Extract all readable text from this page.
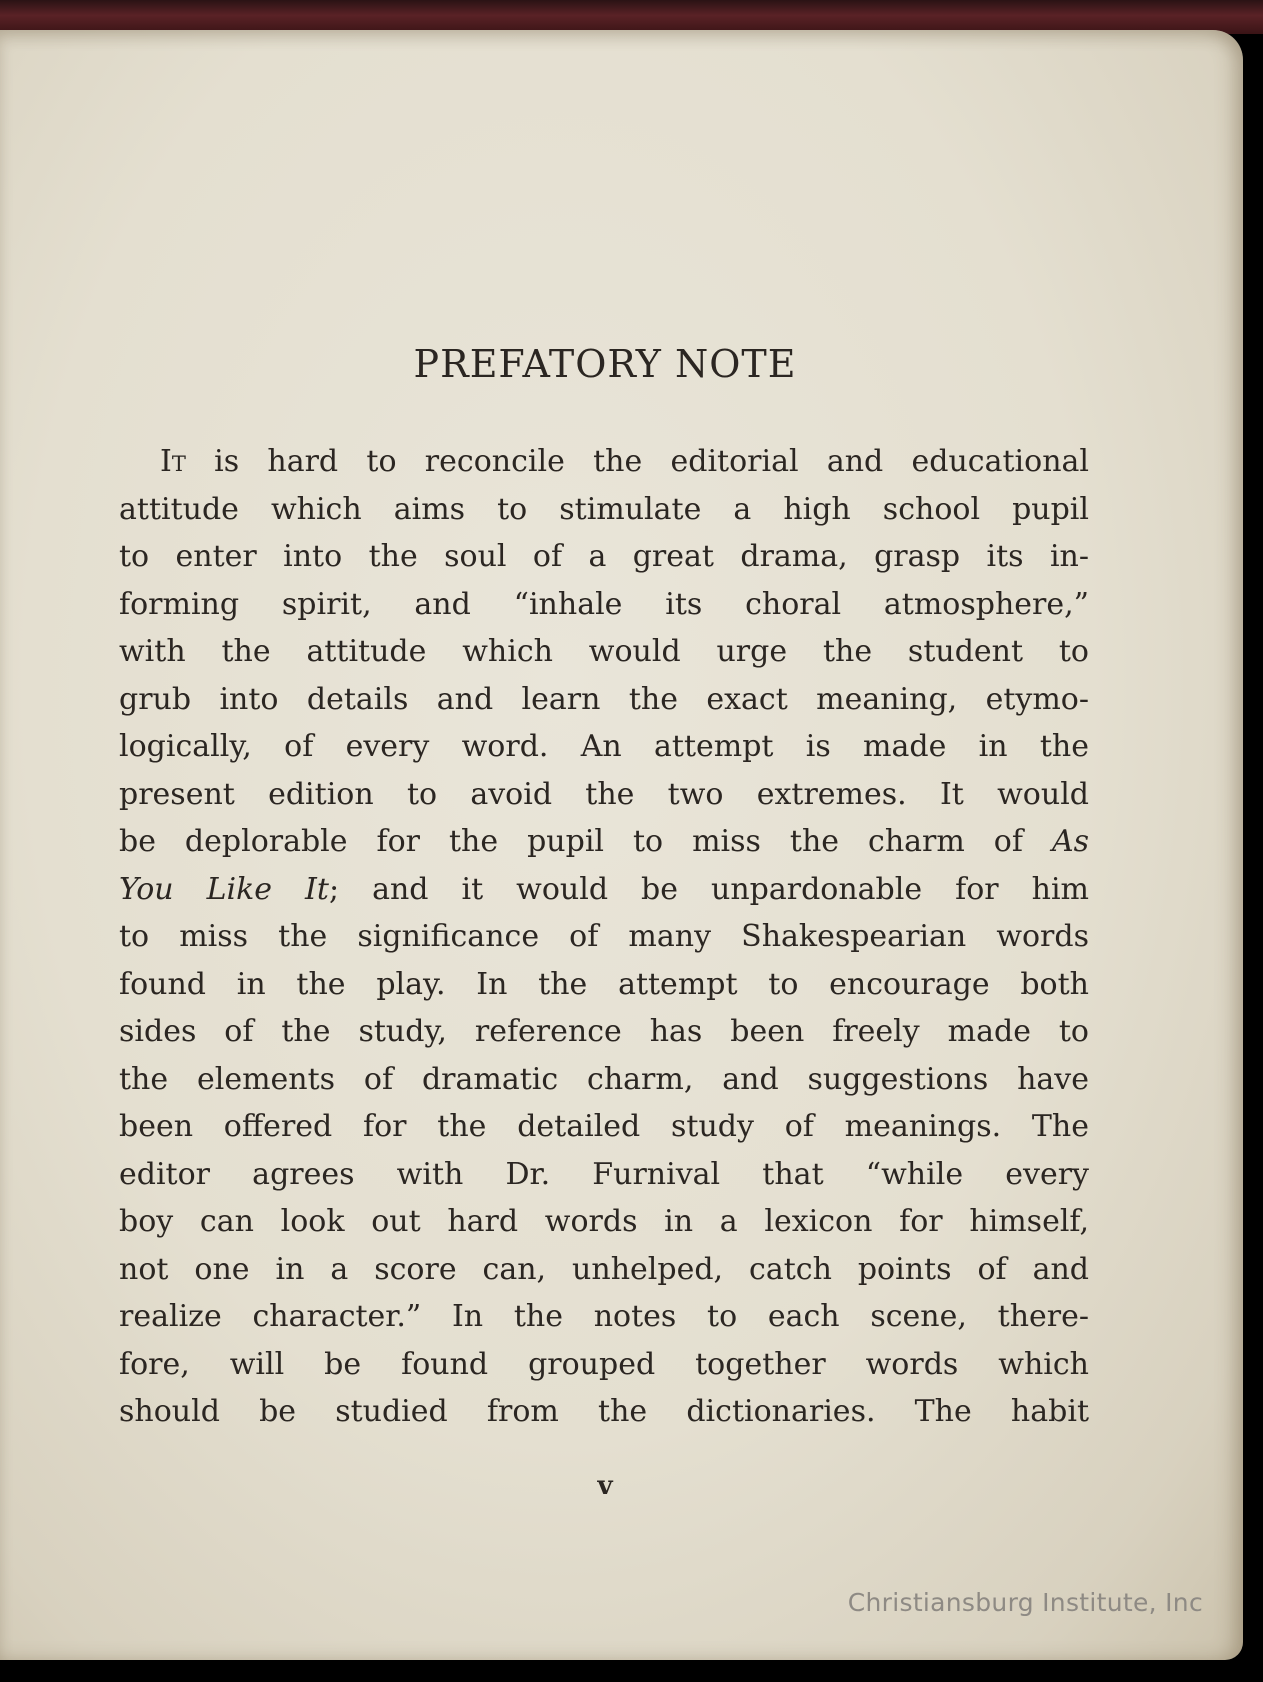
PREFATORY NOTE
It is hard to reconcile the editorial and educational
attitude which aims to stimulate a high school pupil
to enter into the soul of a great drama, grasp its in-
forming spirit, and “inhale its choral atmosphere,”
with the attitude which would urge the student to
grub into details and learn the exact meaning, etymo-
logically, of every word. An attempt is made in the
present edition to avoid the two extremes. It would
be deplorable for the pupil to miss the charm of As
You Like It; and it would be unpardonable for him
to miss the significance of many Shakespearian words
found in the play. In the attempt to encourage both
sides of the study, reference has been freely made to
the elements of dramatic charm, and suggestions have
been offered for the detailed study of meanings. The
editor agrees with Dr. Furnival that “while every
boy can look out hard words in a lexicon for himself,
not one in a score can, unhelped, catch points of and
realize character.” In the notes to each scene, there-
fore, will be found grouped together words which
should be studied from the dictionaries. The habit
v
Christiansburg Institute, Inc
